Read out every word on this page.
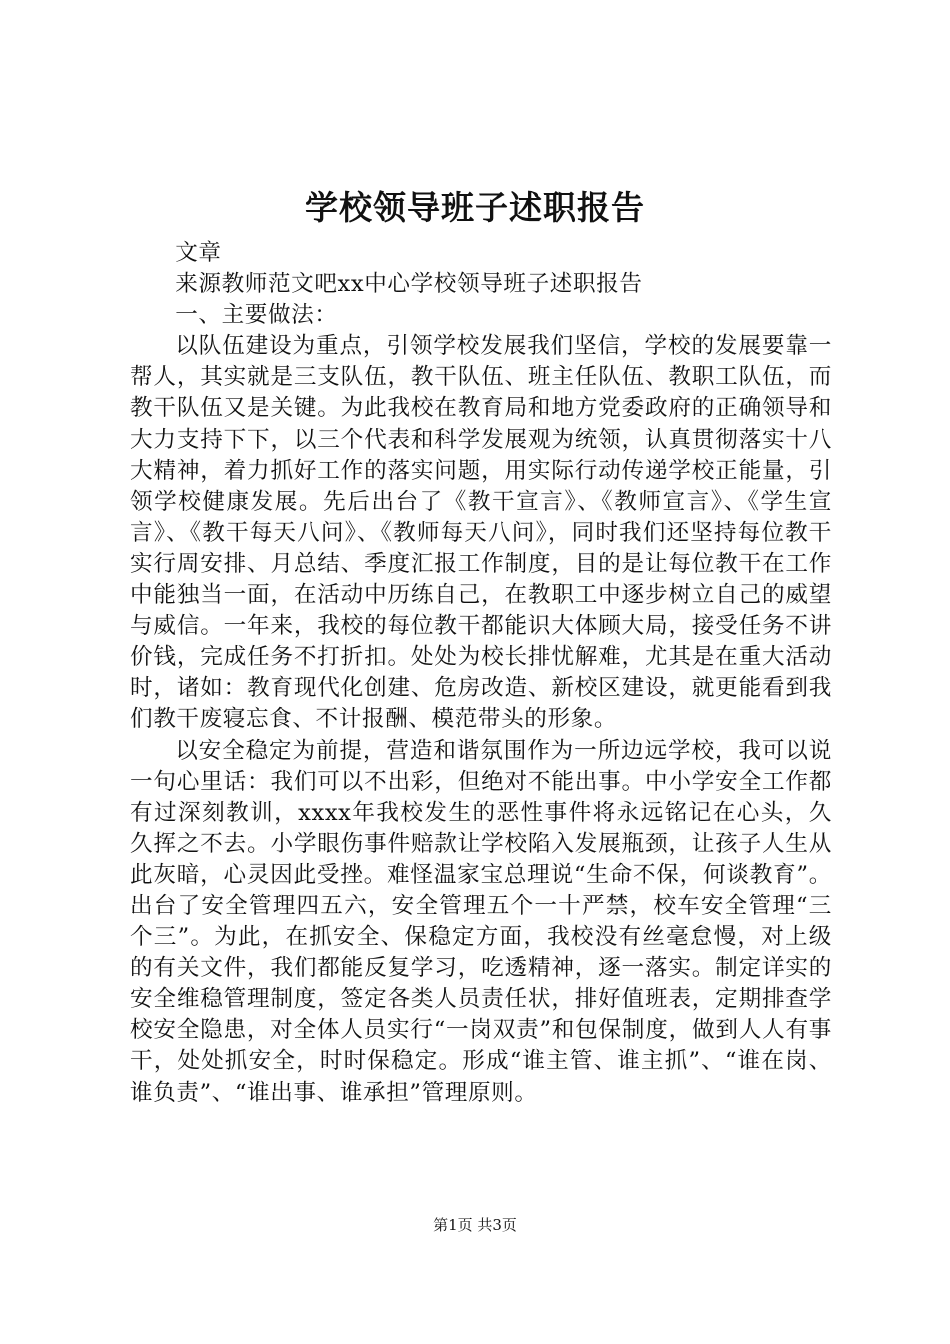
学校领导班子述职报告

文章

来源教师范文吧xx中心学校领导班子述职报告

一、主要做法：

以队伍建设为重点，引领学校发展我们坚信，学校的发展要靠一帮人，其实就是三支队伍，教干队伍、班主任队伍、教职工队伍，而教干队伍又是关键。为此我校在教育局和地方党委政府的正确领导和大力支持下下，以三个代表和科学发展观为统领，认真贯彻落实十八大精神，着力抓好工作的落实问题，用实际行动传递学校正能量，引领学校健康发展。先后出台了《教干宣言》、《教师宣言》、《学生宣言》、《教干每天八问》、《教师每天八问》，同时我们还坚持每位教干实行周安排、月总结、季度汇报工作制度，目的是让每位教干在工作中能独当一面，在活动中历练自己，在教职工中逐步树立自己的威望与威信。一年来，我校的每位教干都能识大体顾大局，接受任务不讲价钱，完成任务不打折扣。处处为校长排忧解难，尤其是在重大活动时，诸如：教育现代化创建、危房改造、新校区建设，就更能看到我们教干废寝忘食、不计报酬、模范带头的形象。

以安全稳定为前提，营造和谐氛围作为一所边远学校，我可以说一句心里话：我们可以不出彩，但绝对不能出事。中小学安全工作都有过深刻教训，xxxx年我校发生的恶性事件将永远铭记在心头，久久挥之不去。小学眼伤事件赔款让学校陷入发展瓶颈，让孩子人生从此灰暗，心灵因此受挫。难怪温家宝总理说“生命不保，何谈教育”。出台了安全管理四五六，安全管理五个一十严禁，校车安全管理“三个三”。为此，在抓安全、保稳定方面，我校没有丝毫怠慢，对上级的有关文件，我们都能反复学习，吃透精神，逐一落实。制定详实的安全维稳管理制度，签定各类人员责任状，排好值班表，定期排查学校安全隐患，对全体人员实行“一岗双责”和包保制度，做到人人有事干，处处抓安全，时时保稳定。形成“谁主管、谁主抓”、“谁在岗、谁负责”、“谁出事、谁承担”管理原则。

第1页 共3页
